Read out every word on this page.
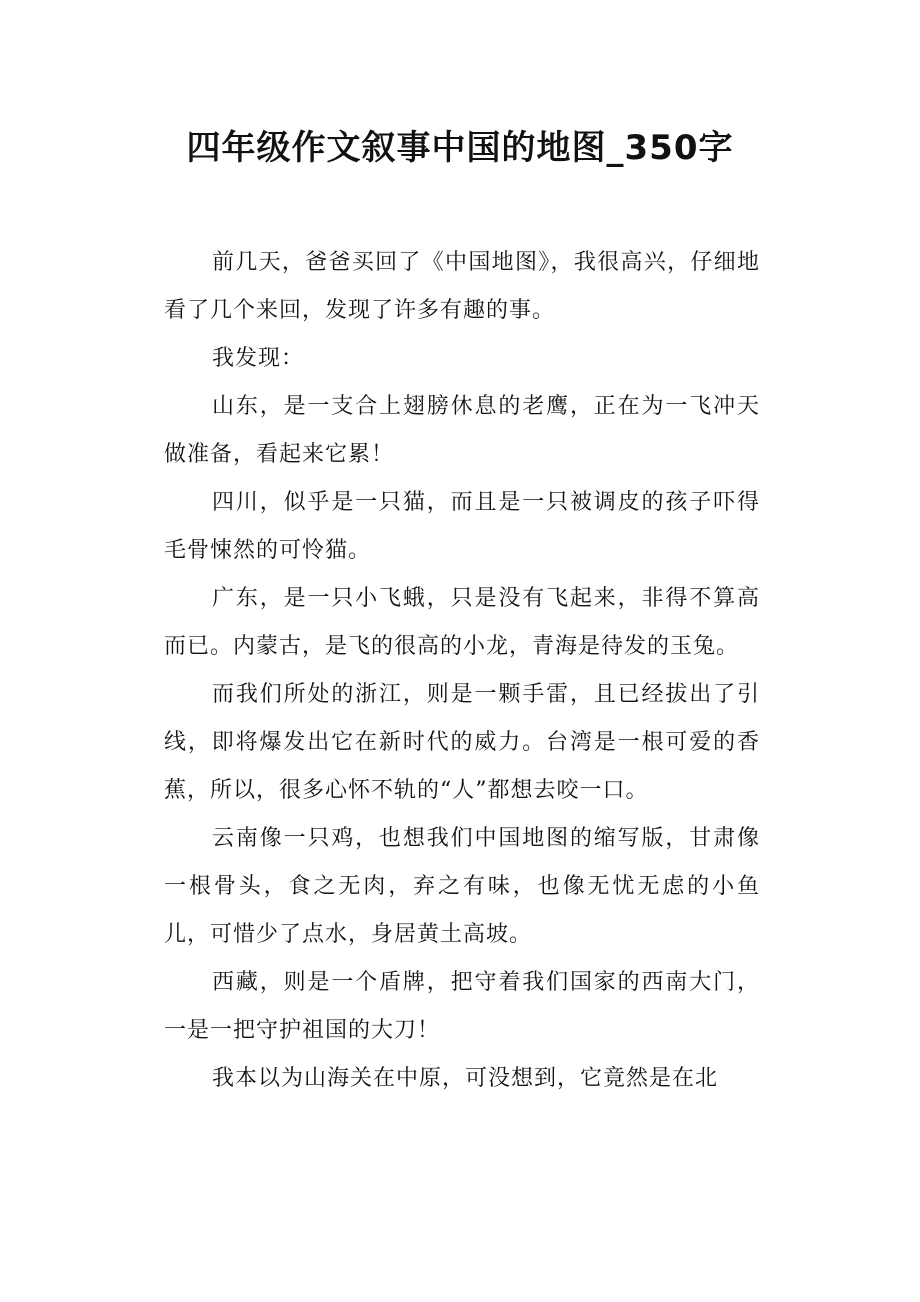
四年级作文叙事中国的地图_350字

前几天，爸爸买回了《中国地图》，我很高兴，仔细地看了几个来回，发现了许多有趣的事。

我发现：

山东，是一支合上翅膀休息的老鹰，正在为一飞冲天做准备，看起来它累！

四川，似乎是一只猫，而且是一只被调皮的孩子吓得毛骨悚然的可怜猫。

广东，是一只小飞蛾，只是没有飞起来，非得不算高而已。内蒙古，是飞的很高的小龙，青海是待发的玉兔。

而我们所处的浙江，则是一颗手雷，且已经拔出了引线，即将爆发出它在新时代的威力。台湾是一根可爱的香蕉，所以，很多心怀不轨的“人”都想去咬一口。

云南像一只鸡，也想我们中国地图的缩写版，甘肃像一根骨头，食之无肉，弃之有味，也像无忧无虑的小鱼儿，可惜少了点水，身居黄土高坡。

西藏，则是一个盾牌，把守着我们国家的西南大门，一是一把守护祖国的大刀！

我本以为山海关在中原，可没想到，它竟然是在北
